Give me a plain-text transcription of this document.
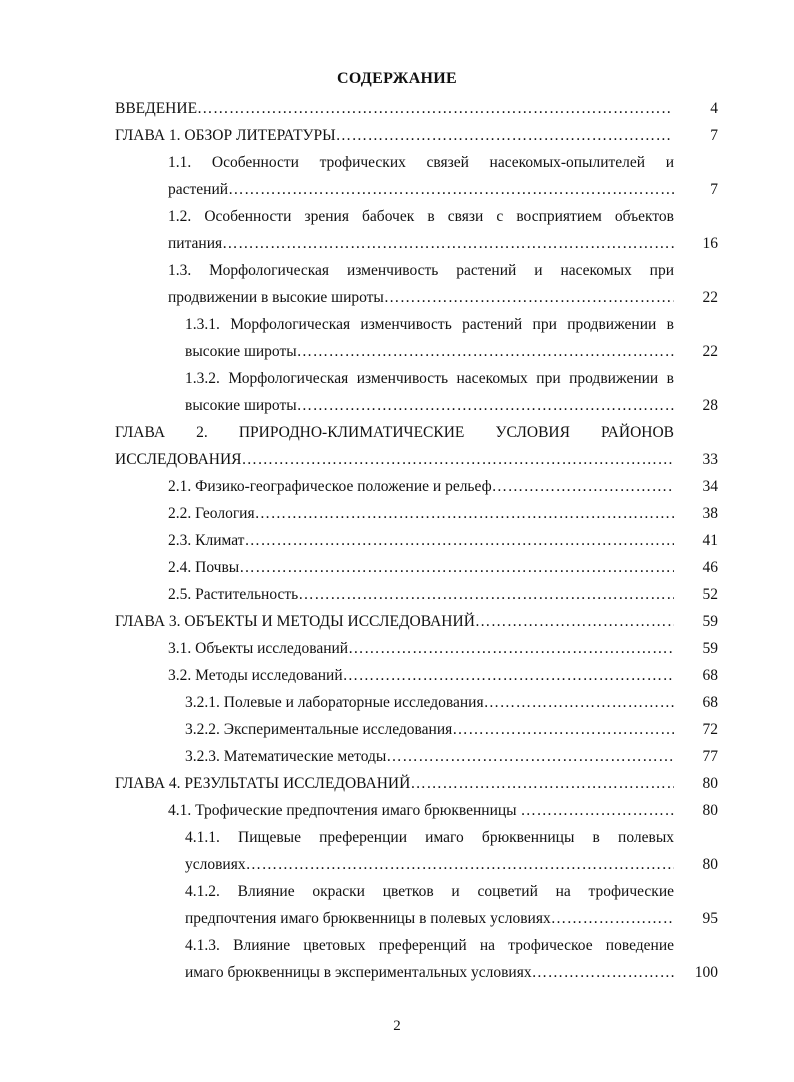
СОДЕРЖАНИЕ
ВВЕДЕНИЕ ……………………………………………………………………………………………………………………………………………………………………………	4
ГЛАВА 1. ОБЗОР ЛИТЕРАТУРЫ ……………………………………………………………………………………………………………………………………………………………………………	7
1.1. Особенности трофических связей насекомых-опылителей и
растений ……………………………………………………………………………………………………………………………………………………………………………	7
1.2. Особенности зрения бабочек в связи с восприятием объектов
питания ……………………………………………………………………………………………………………………………………………………………………………	16
1.3. Морфологическая изменчивость растений и насекомых при
продвижении в высокие широты ……………………………………………………………………………………………………………………………………………………………………………	22
1.3.1. Морфологическая изменчивость растений при продвижении в
высокие широты ……………………………………………………………………………………………………………………………………………………………………………	22
1.3.2. Морфологическая изменчивость насекомых при продвижении в
высокие широты ……………………………………………………………………………………………………………………………………………………………………………	28
ГЛАВА 2. ПРИРОДНО-КЛИМАТИЧЕСКИЕ УСЛОВИЯ РАЙОНОВ
ИССЛЕДОВАНИЯ ……………………………………………………………………………………………………………………………………………………………………………	33
2.1. Физико-географическое положение и рельеф ……………………………………………………………………………………………………………………………………………………………………………	34
2.2. Геология ……………………………………………………………………………………………………………………………………………………………………………	38
2.3. Климат ……………………………………………………………………………………………………………………………………………………………………………	41
2.4. Почвы ……………………………………………………………………………………………………………………………………………………………………………	46
2.5. Растительность ……………………………………………………………………………………………………………………………………………………………………………	52
ГЛАВА 3. ОБЪЕКТЫ И МЕТОДЫ ИССЛЕДОВАНИЙ ……………………………………………………………………………………………………………………………………………………………………………	59
3.1. Объекты исследований ……………………………………………………………………………………………………………………………………………………………………………	59
3.2. Методы исследований ……………………………………………………………………………………………………………………………………………………………………………	68
3.2.1. Полевые и лабораторные исследования ……………………………………………………………………………………………………………………………………………………………………………	68
3.2.2. Экспериментальные исследования ……………………………………………………………………………………………………………………………………………………………………………	72
3.2.3. Математические методы ……………………………………………………………………………………………………………………………………………………………………………	77
ГЛАВА 4. РЕЗУЛЬТАТЫ ИССЛЕДОВАНИЙ ……………………………………………………………………………………………………………………………………………………………………………	80
4.1. Трофические предпочтения имаго брюквенницы ……………………………………………………………………………………………………………………………………………………………………………	80
4.1.1. Пищевые преференции имаго брюквенницы в полевых
условиях ……………………………………………………………………………………………………………………………………………………………………………	80
4.1.2. Влияние окраски цветков и соцветий на трофические
предпочтения имаго брюквенницы в полевых условиях ……………………………………………………………………………………………………………………………………………………………………………	95
4.1.3. Влияние цветовых преференций на трофическое поведение
имаго брюквенницы в экспериментальных условиях ……………………………………………………………………………………………………………………………………………………………………………	100
2
